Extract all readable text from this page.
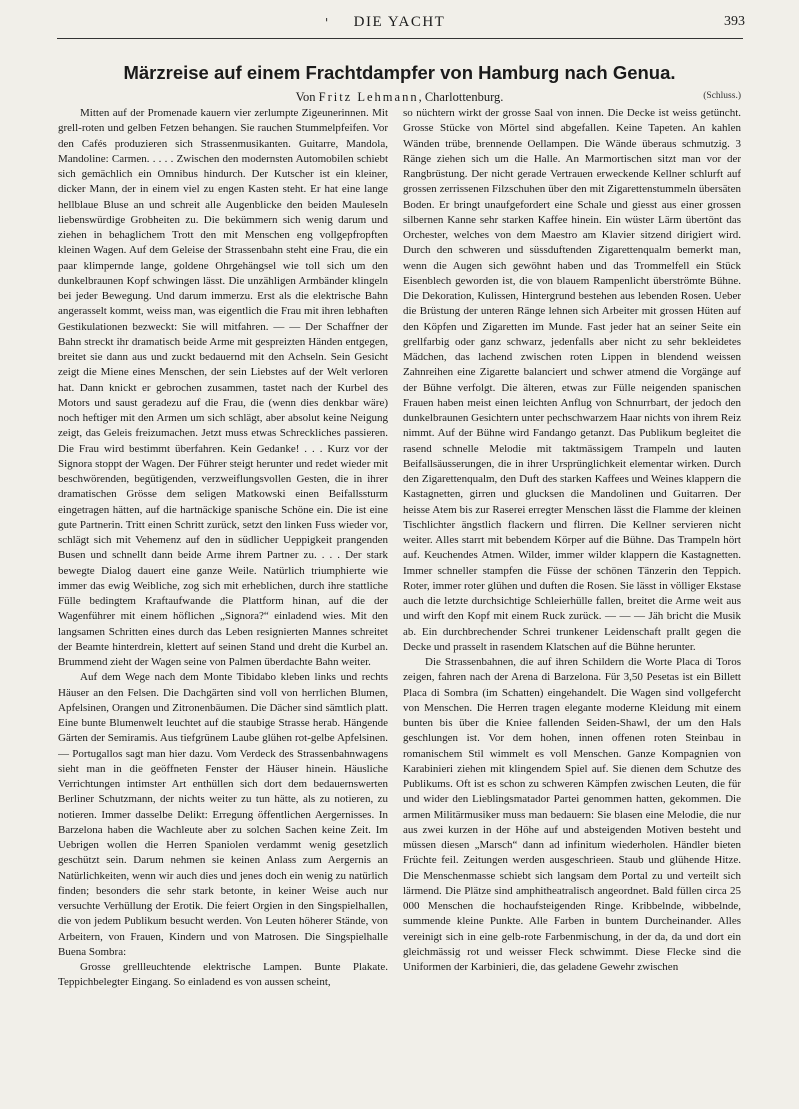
'	DIE YACHT	393
Märzreise auf einem Frachtdampfer von Hamburg nach Genua.
Von Fritz Lehmann, Charlottenburg.	(Schluss.)

Mitten auf der Promenade kauern vier zerlumpte Zigeunerinnen. Mit grell-roten und gelben Fetzen behangen. Sie rauchen Stummelpfeifen. Vor den Cafés produzieren sich Strassenmusikanten. Guitarre, Mandola, Mandoline: Carmen. . . . . Zwischen den modernsten Automobilen schiebt sich gemächlich ein Omnibus hindurch. Der Kutscher ist ein kleiner, dicker Mann, der in einem viel zu engen Kasten steht. Er hat eine lange hellblaue Bluse an und schreit alle Augenblicke den beiden Mauleseln liebenswürdige Grobheiten zu. Die bekümmern sich wenig darum und ziehen in behaglichem Trott den mit Menschen eng vollgepfropften kleinen Wagen. Auf dem Geleise der Strassenbahn steht eine Frau, die ein paar klimpernde lange, goldene Ohrgehängsel wie toll sich um den dunkelbraunen Kopf schwingen lässt. Die unzähligen Armbänder klingeln bei jeder Bewegung. Und darum immerzu. Erst als die elektrische Bahn angerasselt kommt, weiss man, was eigentlich die Frau mit ihren lebhaften Gestikulationen bezweckt: Sie will mitfahren. — — Der Schaffner der Bahn streckt ihr dramatisch beide Arme mit gespreizten Händen entgegen, breitet sie dann aus und zuckt bedauernd mit den Achseln. Sein Gesicht zeigt die Miene eines Menschen, der sein Liebstes auf der Welt verloren hat. Dann knickt er gebrochen zusammen, tastet nach der Kurbel des Motors und saust geradezu auf die Frau, die (wenn dies denkbar wäre) noch heftiger mit den Armen um sich schlägt, aber absolut keine Neigung zeigt, das Geleis freizumachen. Jetzt muss etwas Schreckliches passieren. Die Frau wird bestimmt überfahren. Kein Gedanke! . . . Kurz vor der Signora stoppt der Wagen. Der Führer steigt herunter und redet wieder mit beschwörenden, begütigenden, verzweiflungsvollen Gesten, die in ihrer dramatischen Grösse dem seligen Matkowski einen Beifallssturm eingetragen hätten, auf die hartnäckige spanische Schöne ein. Die ist eine gute Partnerin. Tritt einen Schritt zurück, setzt den linken Fuss wieder vor, schlägt sich mit Vehemenz auf den in südlicher Ueppigkeit prangenden Busen und schnellt dann beide Arme ihrem Partner zu. . . . Der stark bewegte Dialog dauert eine ganze Weile. Natürlich triumphierte wie immer das ewig Weibliche, zog sich mit erheblichen, durch ihre stattliche Fülle bedingtem Kraftaufwande die Plattform hinan, auf die der Wagenführer mit einem höflichen „Signora?“ einladend wies. Mit den langsamen Schritten eines durch das Leben resignierten Mannes schreitet der Beamte hinterdrein, klettert auf seinen Stand und dreht die Kurbel an. Brummend zieht der Wagen seine von Palmen überdachte Bahn weiter.

Auf dem Wege nach dem Monte Tibidabo kleben links und rechts Häuser an den Felsen. Die Dachgärten sind voll von herrlichen Blumen, Apfelsinen, Orangen und Zitronenbäumen. Die Dächer sind sämtlich platt. Eine bunte Blumenwelt leuchtet auf die staubige Strasse herab. Hängende Gärten der Semiramis. Aus tiefgrünem Laube glühen rot-gelbe Apfelsinen. — Portugallos sagt man hier dazu. Vom Verdeck des Strassenbahnwagens sieht man in die geöffneten Fenster der Häuser hinein. Häusliche Verrichtungen intimster Art enthüllen sich dort dem bedauernswerten Berliner Schutzmann, der nichts weiter zu tun hätte, als zu notieren, zu notieren. Immer dasselbe Delikt: Erregung öffentlichen Aergernisses. In Barzelona haben die Wachleute aber zu solchen Sachen keine Zeit. Im Uebrigen wollen die Herren Spaniolen verdammt wenig gesetzlich geschützt sein. Darum nehmen sie keinen Anlass zum Aergernis an Natürlichkeiten, wenn wir auch dies und jenes doch ein wenig zu natürlich finden; besonders die sehr stark betonte, in keiner Weise auch nur versuchte Verhüllung der Erotik. Die feiert Orgien in den Singspielhallen, die von jedem Publikum besucht werden. Von Leuten höherer Stände, von Arbeitern, von Frauen, Kindern und von Matrosen. Die Singspielhalle Buena Sombra:

Grosse grellleuchtende elektrische Lampen. Bunte Plakate. Teppichbelegter Eingang. So einladend es von aussen scheint,

so nüchtern wirkt der grosse Saal von innen. Die Decke ist weiss getüncht. Grosse Stücke von Mörtel sind abgefallen. Keine Tapeten. An kahlen Wänden trübe, brennende Oellampen. Die Wände überaus schmutzig. 3 Ränge ziehen sich um die Halle. An Marmortischen sitzt man vor der Rangbrüstung. Der nicht gerade Vertrauen erweckende Kellner schlurft auf grossen zerrissenen Filzschuhen über den mit Zigarettenstummeln übersäten Boden. Er bringt unaufgefordert eine Schale und giesst aus einer grossen silbernen Kanne sehr starken Kaffee hinein. Ein wüster Lärm übertönt das Orchester, welches von dem Maestro am Klavier sitzend dirigiert wird. Durch den schweren und süssduftenden Zigarettenqualm bemerkt man, wenn die Augen sich gewöhnt haben und das Trommelfell ein Stück Eisenblech geworden ist, die von blauem Rampenlicht überströmte Bühne. Die Dekoration, Kulissen, Hintergrund bestehen aus lebenden Rosen. Ueber die Brüstung der unteren Ränge lehnen sich Arbeiter mit grossen Hüten auf den Köpfen und Zigaretten im Munde. Fast jeder hat an seiner Seite ein grellfarbig oder ganz schwarz, jedenfalls aber nicht zu sehr bekleidetes Mädchen, das lachend zwischen roten Lippen in blendend weissen Zahnreihen eine Zigarette balanciert und schwer atmend die Vorgänge auf der Bühne verfolgt. Die älteren, etwas zur Fülle neigenden spanischen Frauen haben meist einen leichten Anflug von Schnurrbart, der jedoch den dunkelbraunen Gesichtern unter pechschwarzem Haar nichts von ihrem Reiz nimmt. Auf der Bühne wird Fandango getanzt. Das Publikum begleitet die rasend schnelle Melodie mit taktmässigem Trampeln und lauten Beifallsäusserungen, die in ihrer Ursprünglichkeit elementar wirken. Durch den Zigarettenqualm, den Duft des starken Kaffees und Weines klappern die Kastagnetten, girren und glucksen die Mandolinen und Guitarren. Der heisse Atem bis zur Raserei erregter Menschen lässt die Flamme der kleinen Tischlichter ängstlich flackern und flirren. Die Kellner servieren nicht weiter. Alles starrt mit bebendem Körper auf die Bühne. Das Trampeln hört auf. Keuchendes Atmen. Wilder, immer wilder klappern die Kastagnetten. Immer schneller stampfen die Füsse der schönen Tänzerin den Teppich. Roter, immer roter glühen und duften die Rosen. Sie lässt in völliger Ekstase auch die letzte durchsichtige Schleierhülle fallen, breitet die Arme weit aus und wirft den Kopf mit einem Ruck zurück. — — — Jäh bricht die Musik ab. Ein durchbrechender Schrei trunkener Leidenschaft prallt gegen die Decke und prasselt in rasendem Klatschen auf die Bühne herunter.

Die Strassenbahnen, die auf ihren Schildern die Worte Placa di Toros zeigen, fahren nach der Arena di Barzelona. Für 3,50 Pesetas ist ein Billett Placa di Sombra (im Schatten) eingehandelt. Die Wagen sind vollgefercht von Menschen. Die Herren tragen elegante moderne Kleidung mit einem bunten bis über die Kniee fallenden Seiden-Shawl, der um den Hals geschlungen ist. Vor dem hohen, innen offenen roten Steinbau in romanischem Stil wimmelt es voll Menschen. Ganze Kompagnien von Karabinieri ziehen mit klingendem Spiel auf. Sie dienen dem Schutze des Publikums. Oft ist es schon zu schweren Kämpfen zwischen Leuten, die für und wider den Lieblingsmatador Partei genommen hatten, gekommen. Die armen Militärmusiker muss man bedauern: Sie blasen eine Melodie, die nur aus zwei kurzen in der Höhe auf und absteigenden Motiven besteht und müssen diesen „Marsch“ dann ad infinitum wiederholen. Händler bieten Früchte feil. Zeitungen werden ausgeschrieen. Staub und glühende Hitze. Die Menschenmasse schiebt sich langsam dem Portal zu und verteilt sich lärmend. Die Plätze sind amphitheatralisch angeordnet. Bald füllen circa 25 000 Menschen die hochaufsteigenden Ringe. Kribbelnde, wibbelnde, summende kleine Punkte. Alle Farben in buntem Durcheinander. Alles vereinigt sich in eine gelb-rote Farbenmischung, in der da, da und dort ein gleichmässig rot und weisser Fleck schwimmt. Diese Flecke sind die Uniformen der Karbinieri, die, das geladene Gewehr zwischen
